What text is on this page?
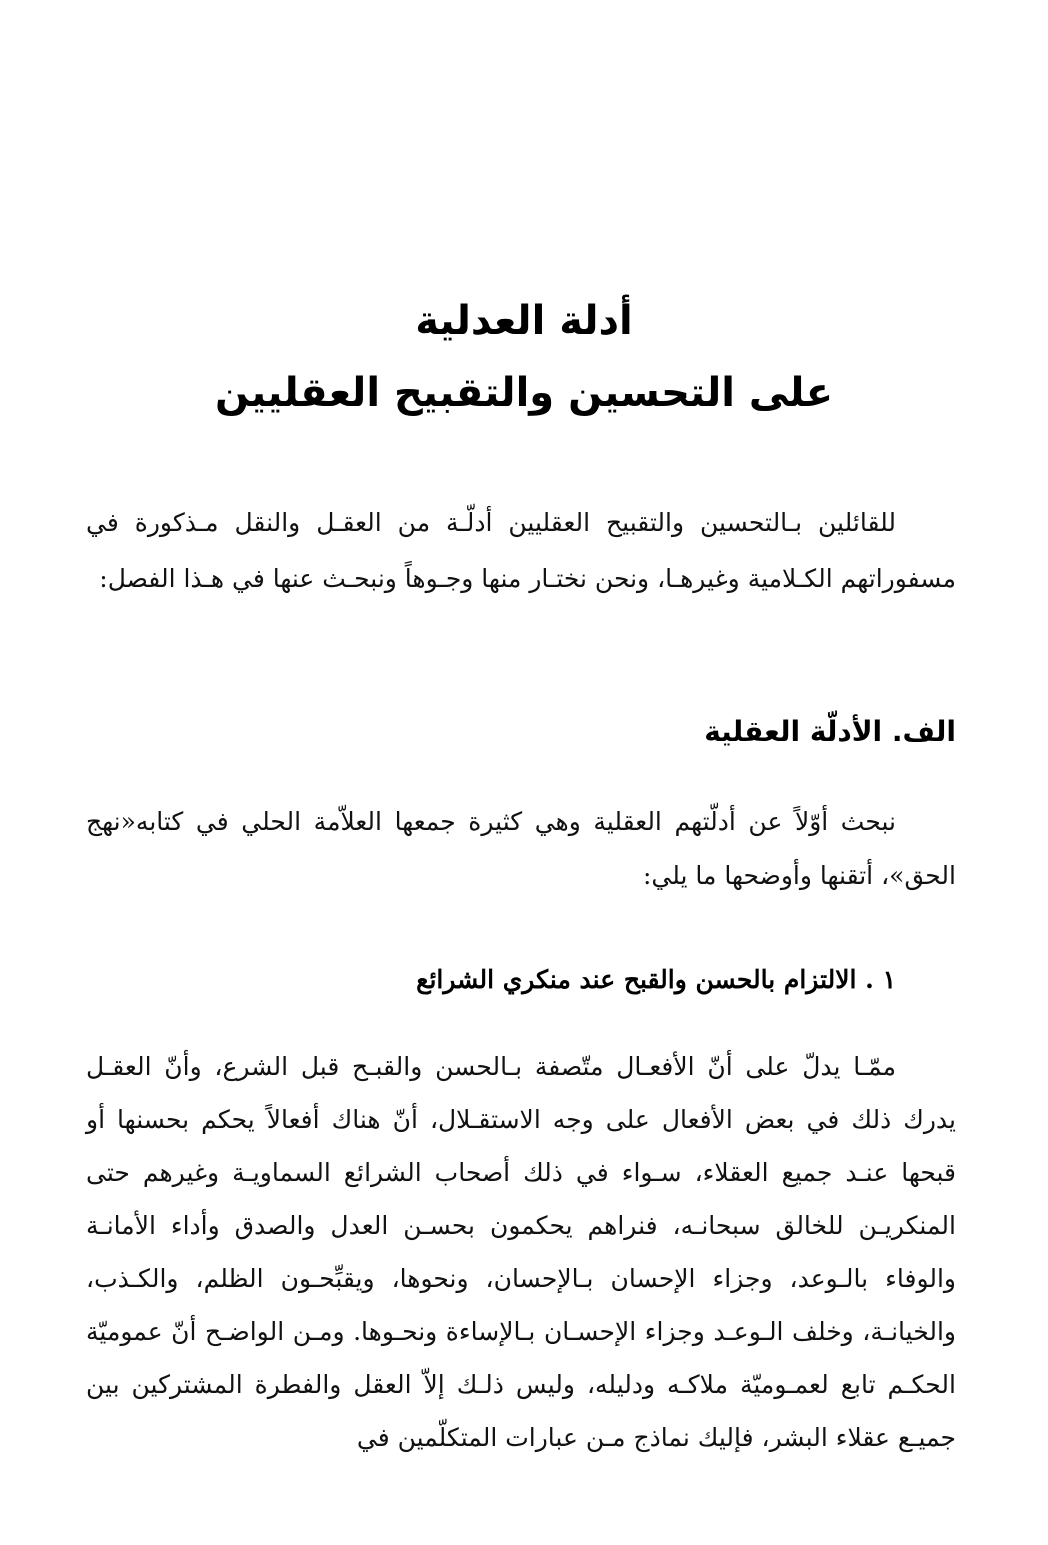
أدلة العدلية
على التحسين والتقبيح العقليين

للقائلين بـالتحسين والتقبيح العقليين أدلّـة من العقـل والنقل مـذكورة في مسفوراتهم الكـلامية وغيرهـا، ونحن نختـار منها وجـوهاً ونبحـث عنها في هـذا الفصل:

الف. الأدلّة العقلية

نبحث أوّلاً عن أدلّتهم العقلية وهي كثيرة جمعها العلاّمة الحلي في كتابه«نهج الحق»، أتقنها وأوضحها ما يلي:

١ . الالتزام بالحسن والقبح عند منكري الشرائع

ممّـا يدلّ على أنّ الأفعـال متّصفة بـالحسن والقبـح قبل الشرع، وأنّ العقـل يدرك ذلك في بعض الأفعال على وجه الاستقـلال، أنّ هناك أفعالاً يحكم بحسنها أو قبحها عنـد جميع العقلاء، سـواء في ذلك أصحاب الشرائع السماويـة وغيرهم حتى المنكريـن للخالق سبحانـه، فنراهم يحكمون بحسـن العدل والصدق وأداء الأمانـة والوفاء بالـوعد، وجزاء الإحسان بـالإحسان، ونحوها، ويقبِّحـون الظلم، والكـذب، والخيانـة، وخلف الـوعـد وجزاء الإحسـان بـالإساءة ونحـوها. ومـن الواضـح أنّ عموميّة الحكـم تابع لعمـوميّة ملاكـه ودليله، وليس ذلـك إلاّ العقل والفطرة المشتركين بين جميـع عقلاء البشر، فإليك نماذج مـن عبارات المتكلّمين في
